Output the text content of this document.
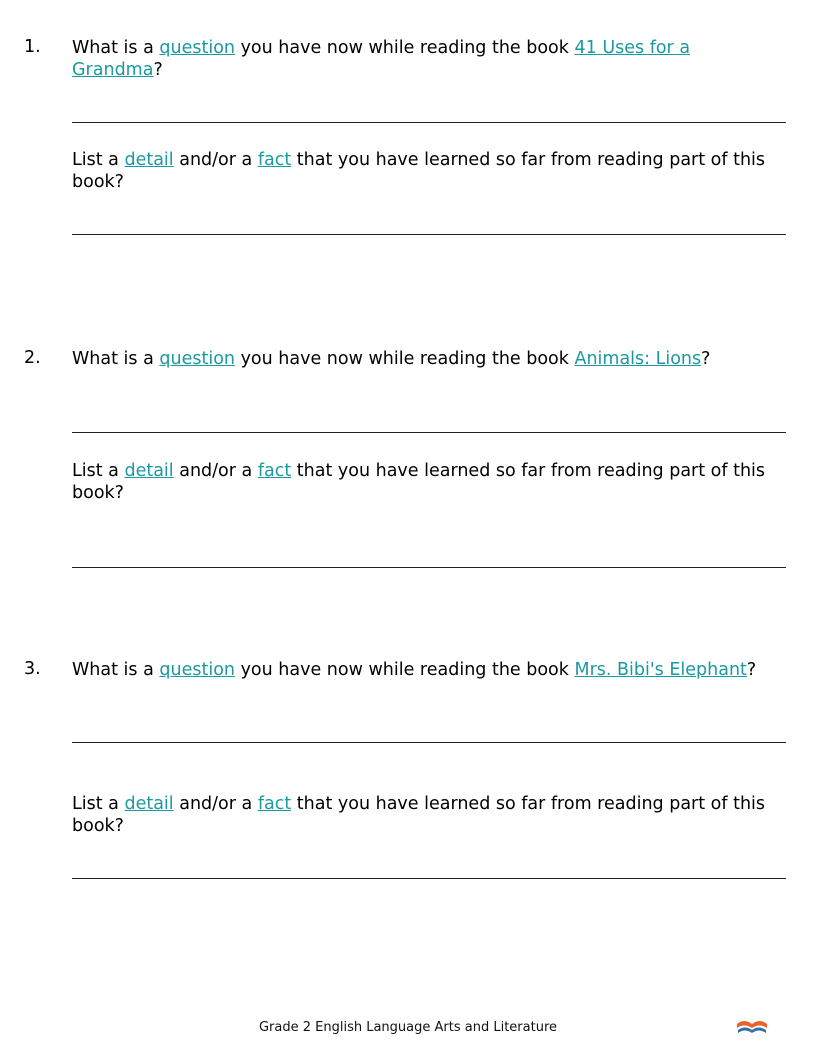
1. What is a question you have now while reading the book 41 Uses for a Grandma?
List a detail and/or a fact that you have learned so far from reading part of this book?
2. What is a question you have now while reading the book Animals: Lions?
List a detail and/or a fact that you have learned so far from reading part of this book?
3. What is a question you have now while reading the book Mrs. Bibi's Elephant?
List a detail and/or a fact that you have learned so far from reading part of this book?
Grade 2 English Language Arts and Literature
